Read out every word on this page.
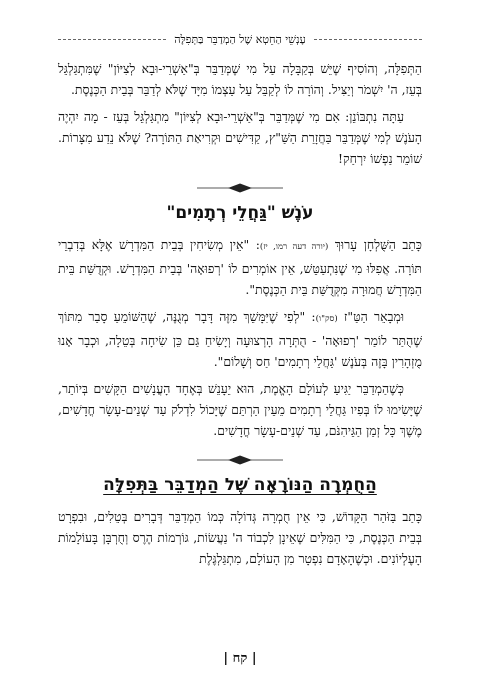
עָנְשֵׁי הַחֵטְא שֶׁל הַמְדַבֵּר בַּתְּפִלָּה

הַתְּפִלָּה, וְהוֹסִיף שֶׁיֵּשׁ בְּקַבָּלָה עַל מִי שֶׁמְּדַבֵּר בְּ"אַשְׁרֵי-וּבָא לְצִיּוֹן" שֶׁמִּתְגַּלְגֵּל בְּעֵז, ה' יִשְׁמֹר וְיַצִּיל. וְהוֹרָה לוֹ לְקַבֵּל עַל עַצְמוֹ מִיָּד שֶׁלֹּא לְדַבֵּר בְּבֵית הַכְּנֶסֶת.

עַתָּה נִתְבּוֹנֵן: אִם מִי שֶׁמְּדַבֵּר בְּ"אַשְׁרֵי-וּבָא לְצִיּוֹן" מִתְגַּלְגֵּל בְּעֵז - מָה יִהְיֶה הָעֹנֶשׁ לְמִי שֶׁמְּדַבֵּר בַּחֲזָרַת הַשַּׁ"ץ, קַדִּישִׁים וּקְרִיאַת הַתּוֹרָה? שֶׁלֹּא נֵדַע מִצָּרוֹת. שׁוֹמֵר נַפְשׁוֹ יִרְחַק!

עֹנֶשׁ "גַּחֲלֵי רְתָמִים"

כָּתַב הַשֻּׁלְחָן עָרוּךְ (יורה דעה רמו, יז): "אֵין מְשִׂיחִין בְּבֵית הַמִּדְרָשׁ אֶלָּא בְּדִבְרֵי תּוֹרָה. אֲפִלּוּ מִי שֶׁנִּתְעַטֵּשׁ, אֵין אוֹמְרִים לוֹ 'רְפוּאָה' בְּבֵית הַמִּדְרָשׁ. וּקְדֻשַּׁת בֵּית הַמִּדְרָשׁ חֲמוּרָה מִקְּדֻשַּׁת בֵּית הַכְּנֶסֶת".

וּמְבָאֵר הַטַּ"ז (סק"ו): "לְפִי שֶׁיִּמָּשֵׁךְ מִזֶּה דָּבָר מְגֻנֶּה, שֶׁהַשּׁוֹמֵעַ סָבַר מִתּוֹךְ שֶׁהֻתַּר לוֹמַר 'רְפוּאָה' - הֻתְּרָה הָרְצוּעָה וְיָשִׂיחַ גַּם כֵּן שִׂיחָה בְּטֵלָה, וּכְבָר אָנוּ מֻזְהָרִין בָּזֶה בְּעֹנֶשׁ 'גַּחֲלֵי רְתָמִים' חַס וְשָׁלוֹם".

כְּשֶׁהַמְדַבֵּר יַגִּיעַ לְעוֹלָם הָאֱמֶת, הוּא יֵעָנֵשׁ בְּאֶחָד הָעֳנָשִׁים הַקָּשִׁים בְּיוֹתֵר, שֶׁיָּשִׂימוּ לוֹ בְּפִיו גַּחֲלֵי רְתָמִים מֵעֵין הַרְתֵּם שֶׁיָּכוֹל לִדְלֹק עַד שְׁנֵים-עָשָׂר חֳדָשִׁים, מֶשֶׁךְ כָּל זְמַן הַגֵּיהִנֹּם, עַד שְׁנֵים-עָשָׂר חֳדָשִׁים.

הַחֻמְרָה הַנּוֹרָאָה שֶׁל הַמְדַבֵּר בַּתְּפִלָּה

כָּתַב בַּזֹּהַר הַקָּדוֹשׁ, כִּי אֵין חֻמְרָה גְּדוֹלָה כְּמוֹ הַמְדַבֵּר דְּבָרִים בְּטֵלִים, וּבִפְרָט בְּבֵית הַכְּנֶסֶת, כִּי הַמִּלִּים שֶׁאֵינָן לִכְבוֹד ה' נַעֲשׂוֹת, גּוֹרְמוֹת הֶרֶס וְחֻרְבָּן בָּעוֹלָמוֹת הָעֶלְיוֹנִים. וּכְשֶׁהָאָדָם נִפְטָר מִן הָעוֹלָם, מִתְגַּלְגֶּלֶת

| קח |
